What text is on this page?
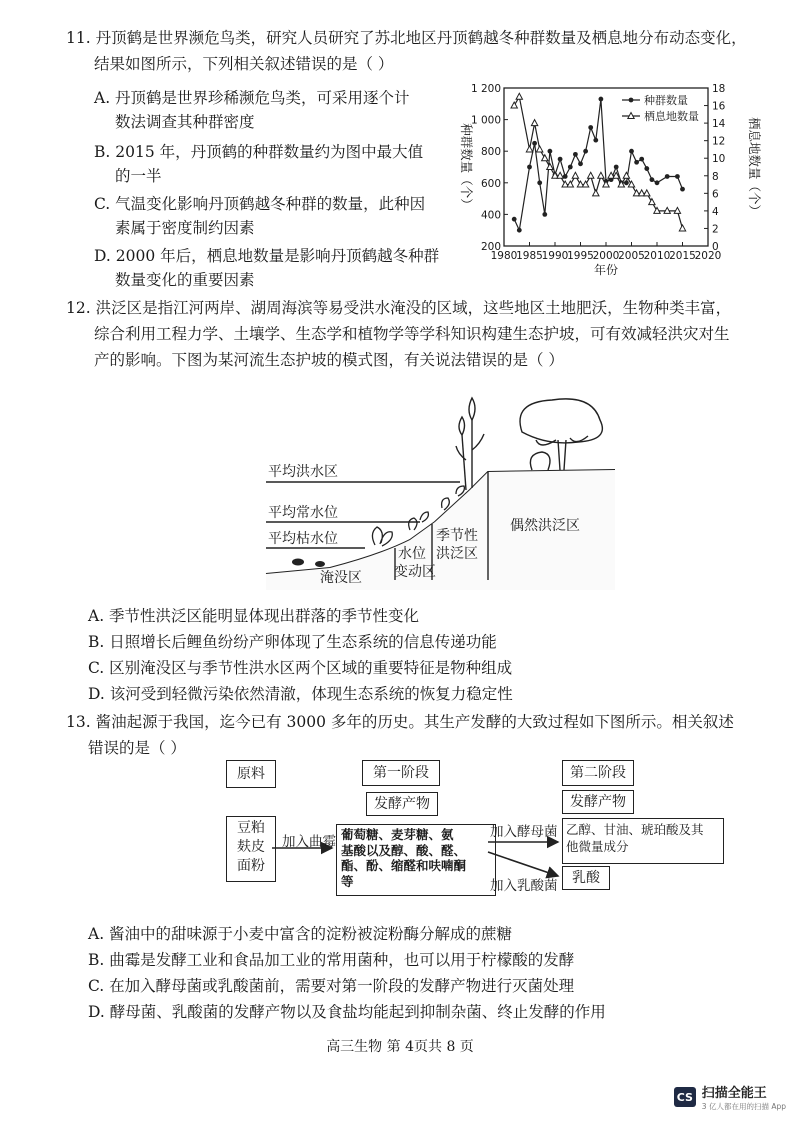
11. 丹顶鹤是世界濒危鸟类，研究人员研究了苏北地区丹顶鹤越冬种群数量及栖息地分布动态变化，
结果如图所示，下列相关叙述错误的是（ ）
A. 丹顶鹤是世界珍稀濒危鸟类，可采用逐个计
数法调查其种群密度
B. 2015 年，丹顶鹤的种群数量约为图中最大值
的一半
C. 气温变化影响丹顶鹤越冬种群的数量，此种因
素属于密度制约因素
D. 2000 年后，栖息地数量是影响丹顶鹤越冬种群
数量变化的重要因素
1980
1985
1990
1995
2000
2005
2010
2015
2020
200
400
600
800
1 000
1 200
0
2
4
6
8
10
12
14
16
18
年份
种群数量（个）	栖息地数量（个）
种群数量
栖息地数量
12. 洪泛区是指江河两岸、湖周海滨等易受洪水淹没的区域，这些地区土地肥沃，生物种类丰富，
综合利用工程力学、土壤学、生态学和植物学等学科知识构建生态护坡，可有效减轻洪灾对生
产的影响。下图为某河流生态护坡的模式图，有关说法错误的是（ ）
平均洪水区
平均常水位
平均枯水位
淹没区
水位
变动区
季节性
洪泛区
偶然洪泛区
A. 季节性洪泛区能明显体现出群落的季节性变化
B. 日照增长后鲤鱼纷纷产卵体现了生态系统的信息传递功能
C. 区别淹没区与季节性洪水区两个区域的重要特征是物种组成
D. 该河受到轻微污染依然清澈，体现生态系统的恢复力稳定性
13. 酱油起源于我国，迄今已有 3000 多年的历史。其生产发酵的大致过程如下图所示。相关叙述
错误的是（ ）
原料
豆粕
麸皮
面粉
第一阶段
发酵产物
葡萄糖、麦芽糖、氨
基酸以及醇、酸、醛、
酯、酚、缩醛和呋喃酮
等
第二阶段
发酵产物
乙醇、甘油、琥珀酸及其
他微量成分
乳酸
加入曲霉
加入酵母菌
加入乳酸菌
A. 酱油中的甜味源于小麦中富含的淀粉被淀粉酶分解成的蔗糖
B. 曲霉是发酵工业和食品加工业的常用菌种，也可以用于柠檬酸的发酵
C. 在加入酵母菌或乳酸菌前，需要对第一阶段的发酵产物进行灭菌处理
D. 酵母菌、乳酸菌的发酵产物以及食盐均能起到抑制杂菌、终止发酵的作用
高三生物 第 4页共 8 页
CS 扫描全能王
3 亿人都在用的扫描 App
